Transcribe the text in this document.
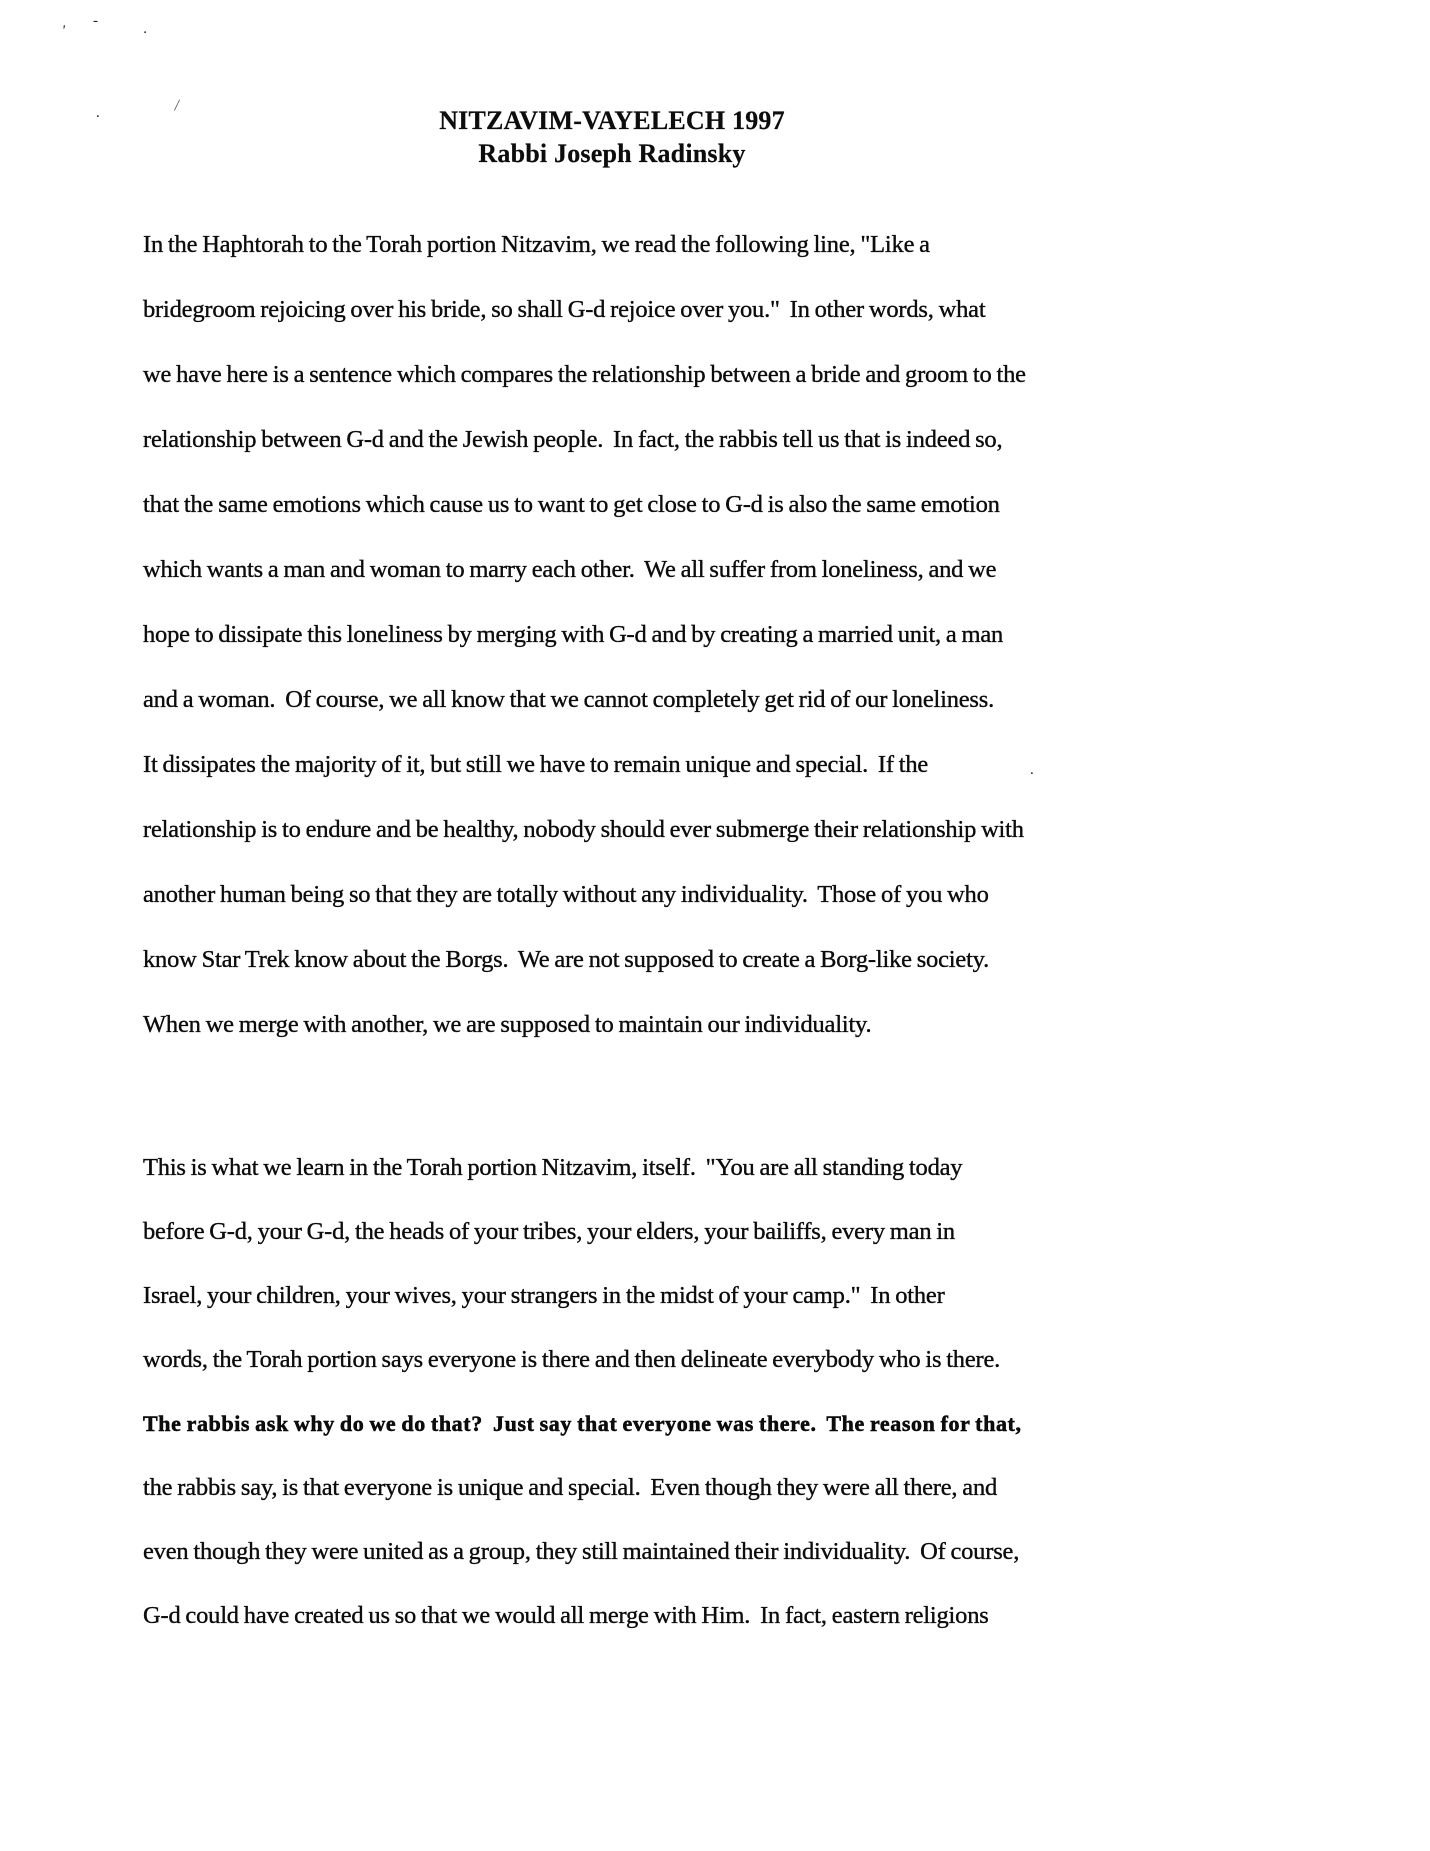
'
-
·
.	⁄
.
NITZAVIM-VAYELECH 1997
Rabbi Joseph Radinsky
In the Haphtorah to the Torah portion Nitzavim, we read the following line, "Like a
bridegroom rejoicing over his bride, so shall G-d rejoice over you."  In other words, what
we have here is a sentence which compares the relationship between a bride and groom to the
relationship between G-d and the Jewish people.  In fact, the rabbis tell us that is indeed so,
that the same emotions which cause us to want to get close to G-d is also the same emotion
which wants a man and woman to marry each other.  We all suffer from loneliness, and we
hope to dissipate this loneliness by merging with G-d and by creating a married unit, a man
and a woman.  Of course, we all know that we cannot completely get rid of our loneliness.
It dissipates the majority of it, but still we have to remain unique and special.  If the
relationship is to endure and be healthy, nobody should ever submerge their relationship with
another human being so that they are totally without any individuality.  Those of you who
know Star Trek know about the Borgs.  We are not supposed to create a Borg-like society.
When we merge with another, we are supposed to maintain our individuality.
This is what we learn in the Torah portion Nitzavim, itself.  "You are all standing today
before G-d, your G-d, the heads of your tribes, your elders, your bailiffs, every man in
Israel, your children, your wives, your strangers in the midst of your camp."  In other
words, the Torah portion says everyone is there and then delineate everybody who is there.
The rabbis ask why do we do that?  Just say that everyone was there.  The reason for that,
the rabbis say, is that everyone is unique and special.  Even though they were all there, and
even though they were united as a group, they still maintained their individuality.  Of course,
G-d could have created us so that we would all merge with Him.  In fact, eastern religions
